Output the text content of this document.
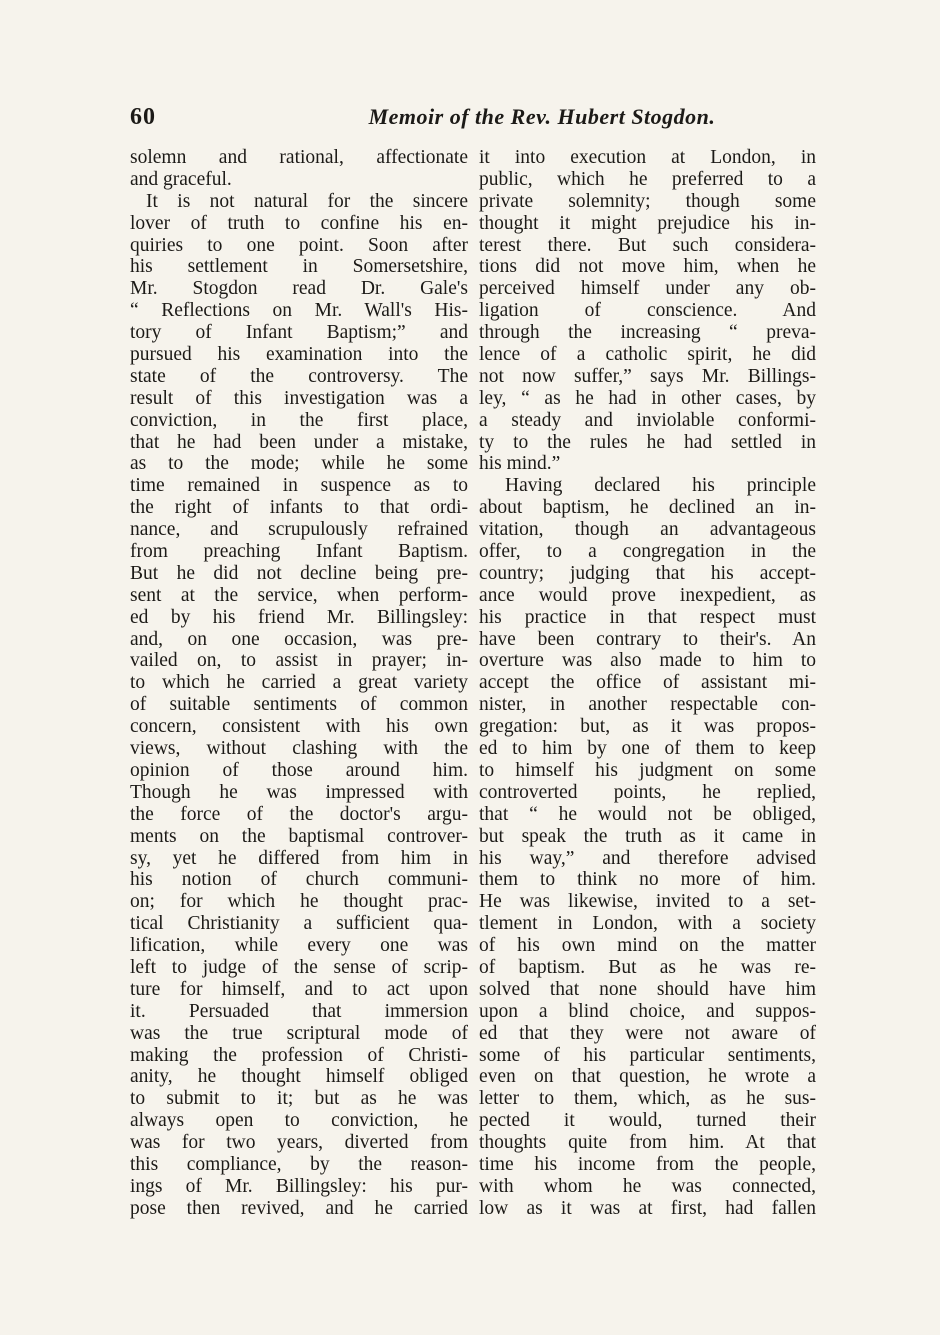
60	Memoir of the Rev. Hubert Stogdon.
solemn and rational, affectionate
and graceful.
It is not natural for the sincere
lover of truth to confine his en-
quiries to one point. Soon after
his settlement in Somersetshire,
Mr. Stogdon read Dr. Gale's
“ Reflections on Mr. Wall's His-
tory of Infant Baptism;” and
pursued his examination into the
state of the controversy. The
result of this investigation was a
conviction, in the first place,
that he had been under a mistake,
as to the mode; while he some
time remained in suspence as to
the right of infants to that ordi-
nance, and scrupulously refrained
from preaching Infant Baptism.
But he did not decline being pre-
sent at the service, when perform-
ed by his friend Mr. Billingsley:
and, on one occasion, was pre-
vailed on, to assist in prayer; in-
to which he carried a great variety
of suitable sentiments of common
concern, consistent with his own
views, without clashing with the
opinion of those around him.
Though he was impressed with
the force of the doctor's argu-
ments on the baptismal controver-
sy, yet he differed from him in
his notion of church communi-
on; for which he thought prac-
tical Christianity a sufficient qua-
lification, while every one was
left to judge of the sense of scrip-
ture for himself, and to act upon
it. Persuaded that immersion
was the true scriptural mode of
making the profession of Christi-
anity, he thought himself obliged
to submit to it; but as he was
always open to conviction, he
was for two years, diverted from
this compliance, by the reason-
ings of Mr. Billingsley: his pur-
pose then revived, and he carried
it into execution at London, in
public, which he preferred to a
private solemnity; though some
thought it might prejudice his in-
terest there. But such considera-
tions did not move him, when he
perceived himself under any ob-
ligation of conscience. And
through the increasing “ preva-
lence of a catholic spirit, he did
not now suffer,” says Mr. Billings-
ley, “ as he had in other cases, by
a steady and inviolable conformi-
ty to the rules he had settled in
his mind.”
Having declared his principle
about baptism, he declined an in-
vitation, though an advantageous
offer, to a congregation in the
country; judging that his accept-
ance would prove inexpedient, as
his practice in that respect must
have been contrary to their's. An
overture was also made to him to
accept the office of assistant mi-
nister, in another respectable con-
gregation: but, as it was propos-
ed to him by one of them to keep
to himself his judgment on some
controverted points, he replied,
that “ he would not be obliged,
but speak the truth as it came in
his way,” and therefore advised
them to think no more of him.
He was likewise, invited to a set-
tlement in London, with a society
of his own mind on the matter
of baptism. But as he was re-
solved that none should have him
upon a blind choice, and suppos-
ed that they were not aware of
some of his particular sentiments,
even on that question, he wrote a
letter to them, which, as he sus-
pected it would, turned their
thoughts quite from him. At that
time his income from the people,
with whom he was connected,
low as it was at first, had fallen
